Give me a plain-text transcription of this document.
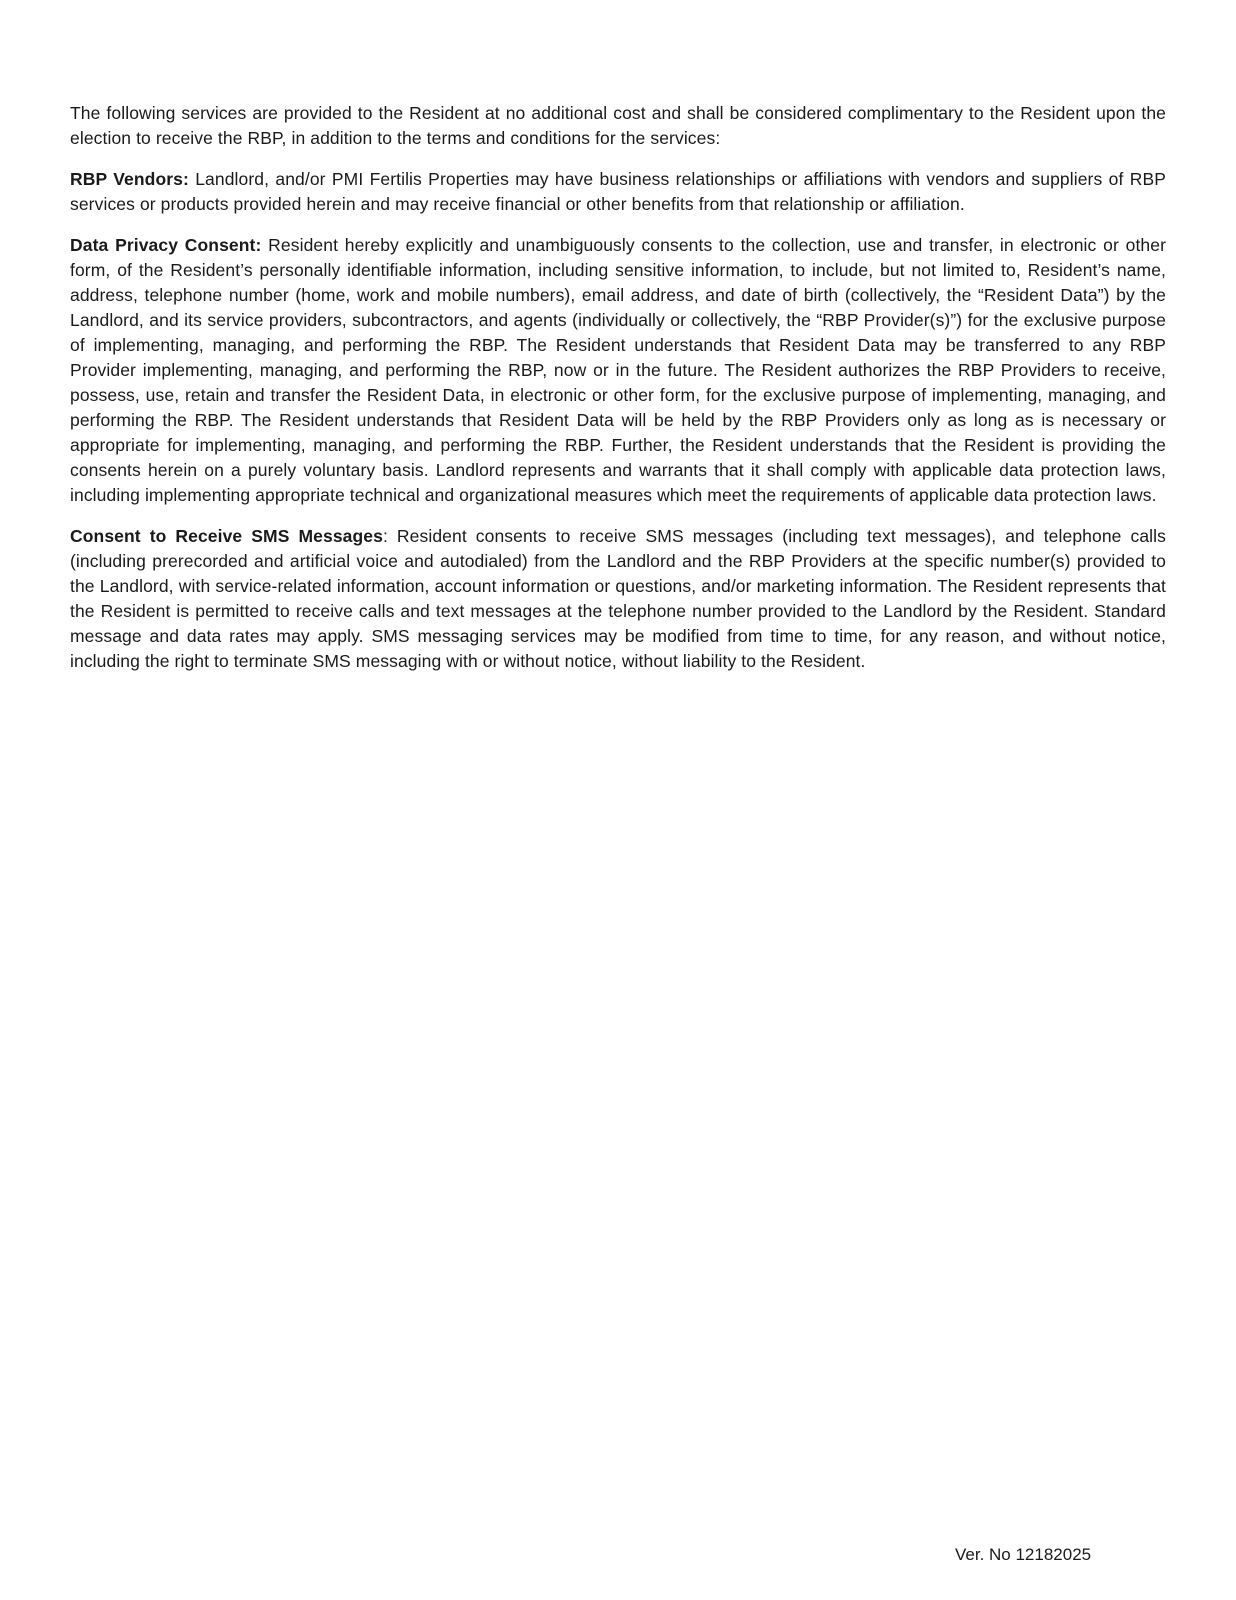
The following services are provided to the Resident at no additional cost and shall be considered complimentary to the Resident upon the election to receive the RBP, in addition to the terms and conditions for the services:

RBP Vendors: Landlord, and/or PMI Fertilis Properties may have business relationships or affiliations with vendors and suppliers of RBP services or products provided herein and may receive financial or other benefits from that relationship or affiliation.

Data Privacy Consent: Resident hereby explicitly and unambiguously consents to the collection, use and transfer, in electronic or other form, of the Resident’s personally identifiable information, including sensitive information, to include, but not limited to, Resident’s name, address, telephone number (home, work and mobile numbers), email address, and date of birth (collectively, the “Resident Data”) by the Landlord, and its service providers, subcontractors, and agents (individually or collectively, the “RBP Provider(s)”) for the exclusive purpose of implementing, managing, and performing the RBP. The Resident understands that Resident Data may be transferred to any RBP Provider implementing, managing, and performing the RBP, now or in the future. The Resident authorizes the RBP Providers to receive, possess, use, retain and transfer the Resident Data, in electronic or other form, for the exclusive purpose of implementing, managing, and performing the RBP. The Resident understands that Resident Data will be held by the RBP Providers only as long as is necessary or appropriate for implementing, managing, and performing the RBP. Further, the Resident understands that the Resident is providing the consents herein on a purely voluntary basis. Landlord represents and warrants that it shall comply with applicable data protection laws, including implementing appropriate technical and organizational measures which meet the requirements of applicable data protection laws.

Consent to Receive SMS Messages: Resident consents to receive SMS messages (including text messages), and telephone calls (including prerecorded and artificial voice and autodialed) from the Landlord and the RBP Providers at the specific number(s) provided to the Landlord, with service-related information, account information or questions, and/or marketing information. The Resident represents that the Resident is permitted to receive calls and text messages at the telephone number provided to the Landlord by the Resident. Standard message and data rates may apply. SMS messaging services may be modified from time to time, for any reason, and without notice, including the right to terminate SMS messaging with or without notice, without liability to the Resident.

Ver. No 12182025
